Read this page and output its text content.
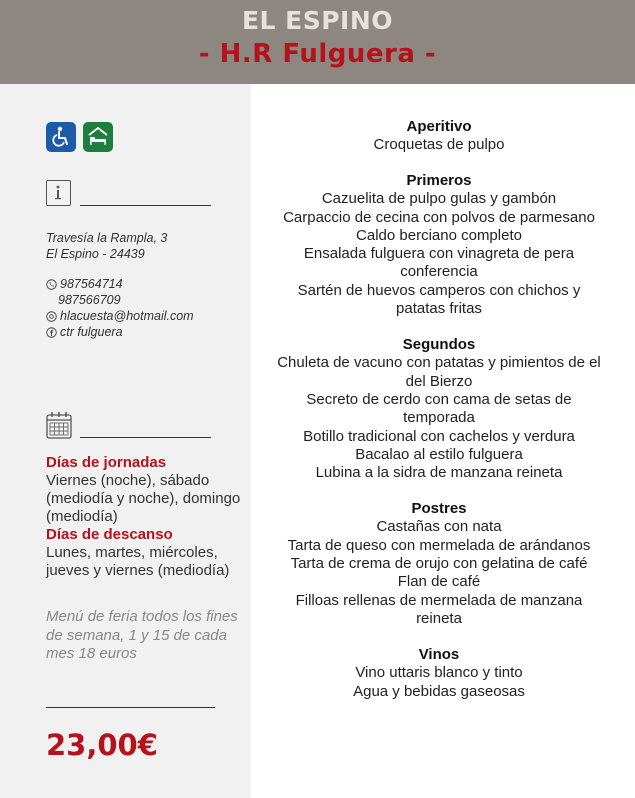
EL ESPINO
- H.R Fulguera -
Travesía la Rampla, 3
El Espino - 24439
987564714
987566709
hlacuesta@hotmail.com
ctr fulguera
Días de jornadas
Viernes (noche), sábado (mediodía y noche), domingo (mediodía)
Días de descanso
Lunes, martes, miércoles, jueves y viernes (mediodía)
Menú de feria todos los fines de semana, 1 y 15 de cada mes 18 euros
23,00€
Aperitivo
Croquetas de pulpo
Primeros
Cazuelita de pulpo gulas y gambón
Carpaccio de cecina con polvos de parmesano
Caldo berciano completo
Ensalada fulguera con vinagreta de pera conferencia
Sartén de huevos camperos con chichos y patatas fritas
Segundos
Chuleta de vacuno con patatas y pimientos de el del Bierzo
Secreto de cerdo con cama de setas de temporada
Botillo tradicional con cachelos y verdura
Bacalao al estilo fulguera
Lubina a la sidra de manzana reineta
Postres
Castañas con nata
Tarta de queso con mermelada de arándanos
Tarta de crema de orujo con gelatina de café
Flan de café
Filloas rellenas de mermelada de manzana reineta
Vinos
Vino uttaris blanco y tinto
Agua y bebidas gaseosas
